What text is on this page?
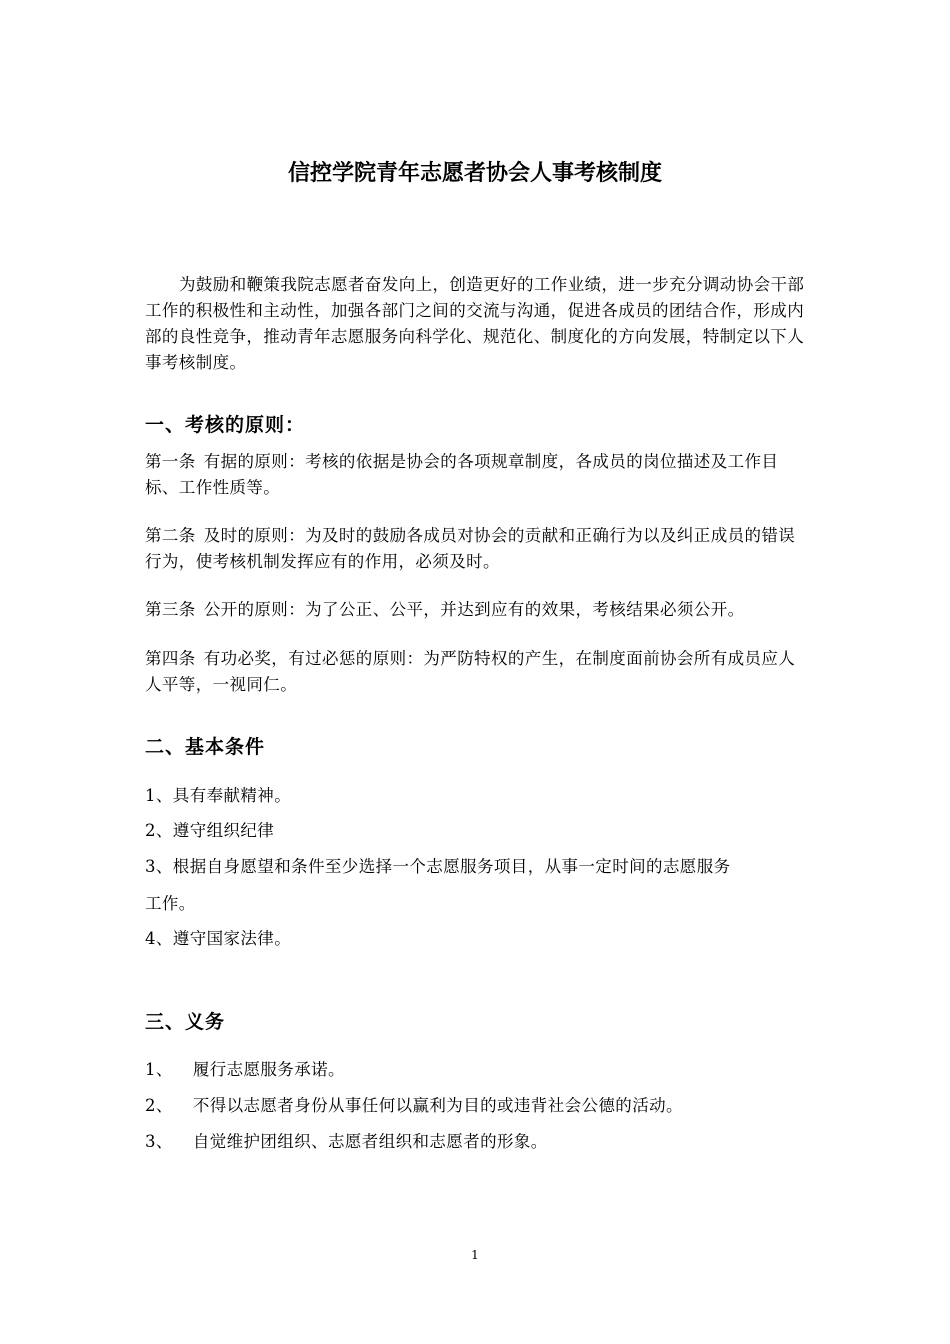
信控学院青年志愿者协会人事考核制度

为鼓励和鞭策我院志愿者奋发向上，创造更好的工作业绩，进一步充分调动协会干部工作的积极性和主动性，加强各部门之间的交流与沟通，促进各成员的团结合作，形成内部的良性竞争，推动青年志愿服务向科学化、规范化、制度化的方向发展，特制定以下人事考核制度。

一、考核的原则：

第一条 有据的原则：考核的依据是协会的各项规章制度，各成员的岗位描述及工作目标、工作性质等。

第二条 及时的原则：为及时的鼓励各成员对协会的贡献和正确行为以及纠正成员的错误行为，使考核机制发挥应有的作用，必须及时。

第三条 公开的原则：为了公正、公平，并达到应有的效果，考核结果必须公开。

第四条 有功必奖，有过必惩的原则：为严防特权的产生，在制度面前协会所有成员应人人平等，一视同仁。

二、基本条件

1、具有奉献精神。

2、遵守组织纪律

3、根据自身愿望和条件至少选择一个志愿服务项目，从事一定时间的志愿服务

工作。

4、遵守国家法律。

三、义务

1、 履行志愿服务承诺。

2、 不得以志愿者身份从事任何以赢利为目的或违背社会公德的活动。

3、 自觉维护团组织、志愿者组织和志愿者的形象。

1
